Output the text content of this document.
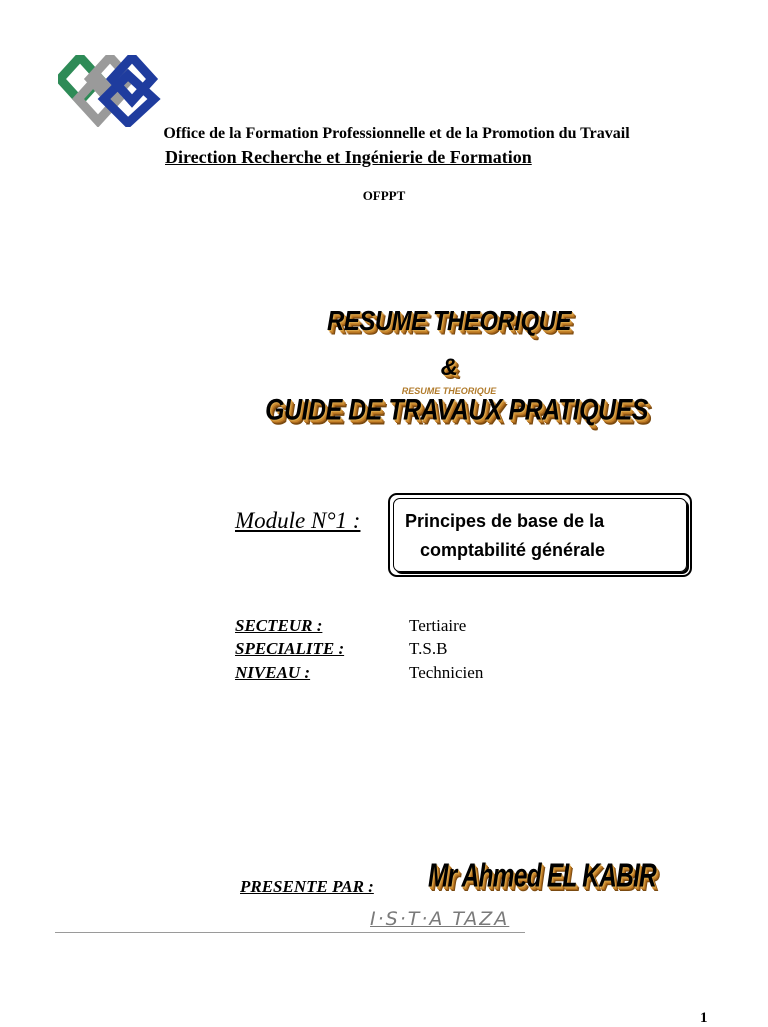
Office de la Formation Professionnelle et de la Promotion du Travail
Direction Recherche et Ingénierie de Formation
OFPPT
RESUME THEORIQUE
&
RESUME THEORIQUE
GUIDE DE TRAVAUX PRATIQUES
Module N°1 : Principes de base de la
comptabilité générale
SECTEUR :	Tertiaire
SPECIALITE :	T.S.B
NIVEAU :	Technicien
PRESENTE PAR : Mr Ahmed EL KABIR
I·S·T·A TAZA
1
